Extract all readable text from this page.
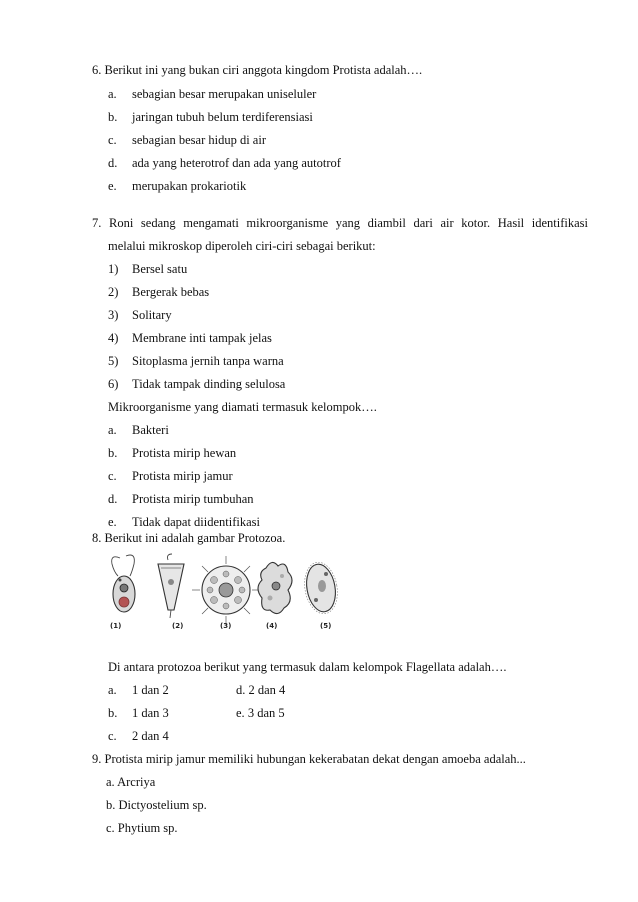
6. Berikut ini yang bukan ciri anggota kingdom Protista adalah….
a. sebagian besar merupakan uniseluler
b. jaringan tubuh belum terdiferensiasi
c. sebagian besar hidup di air
d. ada yang heterotrof dan ada yang autotrof
e. merupakan prokariotik
7. Roni sedang mengamati mikroorganisme yang diambil dari air kotor. Hasil identifikasi
melalui mikroskop diperoleh ciri-ciri sebagai berikut:
1) Bersel satu
2) Bergerak bebas
3) Solitary
4) Membrane inti tampak jelas
5) Sitoplasma jernih tanpa warna
6) Tidak tampak dinding selulosa
Mikroorganisme yang diamati termasuk kelompok….
a. Bakteri
b. Protista mirip hewan
c. Protista mirip jamur
d. Protista mirip tumbuhan
e. Tidak dapat diidentifikasi
8. Berikut ini adalah gambar Protozoa.
(1)	(2)	(3)	(4)	(5)
Di antara protozoa berikut yang termasuk dalam kelompok Flagellata adalah….
a. 1 dan 2	d. 2 dan 4
b. 1 dan 3	e. 3 dan 5
c. 2 dan 4
9. Protista mirip jamur memiliki hubungan kekerabatan dekat dengan amoeba adalah...
a. Arcriya
b. Dictyostelium sp.
c. Phytium sp.
